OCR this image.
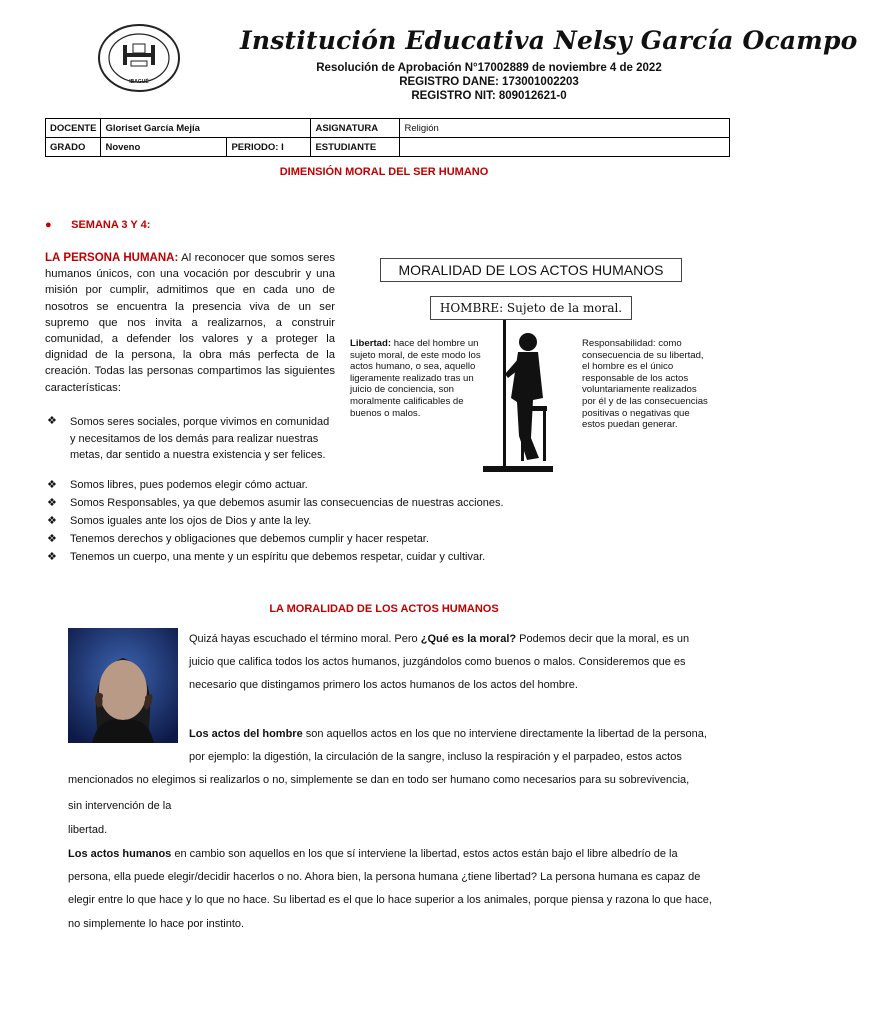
IBAGUÉ
Institución Educativa Nelsy García Ocampo
Resolución de Aprobación N°17002889 de noviembre 4 de 2022
REGISTRO DANE: 173001002203
REGISTRO NIT: 809012621-0
DOCENTE	Gloriset García Mejía		ASIGNATURA	Religión
GRADO	Noveno	PERIODO: I	ESTUDIANTE	
DIMENSIÓN MORAL DEL SER HUMANO
● SEMANA 3 Y 4:
LA PERSONA HUMANA: Al reconocer que somos seres humanos únicos, con una vocación por descubrir y una misión por cumplir, admitimos que en cada uno de nosotros se encuentra la presencia viva de un ser supremo que nos invita a realizarnos, a construir comunidad, a defender los valores y a proteger la dignidad de la persona, la obra más perfecta de la creación. Todas las personas compartimos las siguientes características:
MORALIDAD DE LOS ACTOS HUMANOS
HOMBRE: Sujeto de la moral.
Libertad: hace del hombre un sujeto moral, de este modo los actos humano, o sea, aquello ligeramente realizado tras un juicio de conciencia, son moralmente calificables de buenos o malos.
Responsabilidad: como consecuencia de su libertad, el hombre es el único responsable de los actos voluntariamente realizados por él y de las consecuencias positivas o negativas que estos puedan generar.
❖	Somos seres sociales, porque vivimos en comunidad y necesitamos de los demás para realizar nuestras metas, dar sentido a nuestra existencia y ser felices.
❖ Somos libres, pues podemos elegir cómo actuar.
❖ Somos Responsables, ya que debemos asumir las consecuencias de nuestras acciones.
❖ Somos iguales ante los ojos de Dios y ante la ley.
❖ Tenemos derechos y obligaciones que debemos cumplir y hacer respetar.
❖ Tenemos un cuerpo, una mente y un espíritu que debemos respetar, cuidar y cultivar.
LA MORALIDAD DE LOS ACTOS HUMANOS
Quizá hayas escuchado el término moral. Pero ¿Qué es la moral? Podemos decir que la moral, es un juicio que califica todos los actos humanos, juzgándolos como buenos o malos. Consideremos que es necesario que distingamos primero los actos humanos de los actos del hombre.
Los actos del hombre son aquellos actos en los que no interviene directamente la libertad de la persona, por ejemplo: la digestión, la circulación de la sangre, incluso la respiración y el parpadeo, estos actos
mencionados no elegimos si realizarlos o no, simplemente se dan en todo ser humano como necesarios para su sobrevivencia,
sin intervención de la
libertad.
Los actos humanos en cambio son aquellos en los que sí interviene la libertad, estos actos están bajo el libre albedrío de la persona, ella puede elegir/decidir hacerlos o no. Ahora bien, la persona humana ¿tiene libertad? La persona humana es capaz de elegir entre lo que hace y lo que no hace. Su libertad es el que lo hace superior a los animales, porque piensa y razona lo que hace, no simplemente lo hace por instinto.
